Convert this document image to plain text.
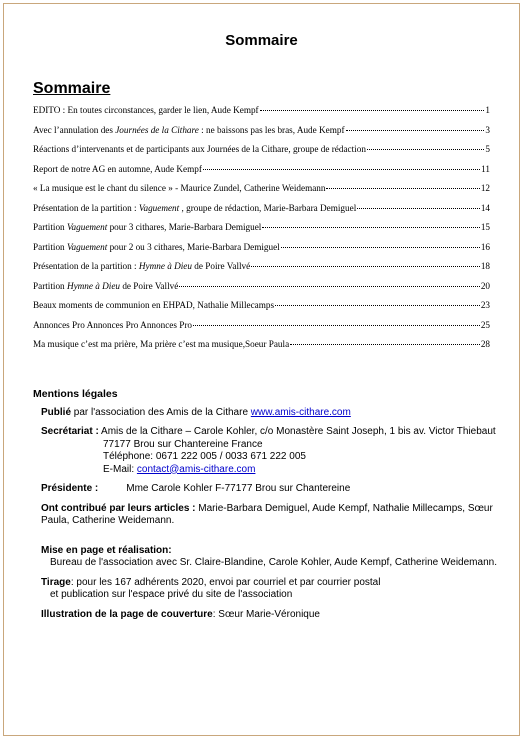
Sommaire
Sommaire
EDITO : En toutes circonstances, garder le lien, Aude Kempf	1
Avec l’annulation des Journées de la Cithare : ne baissons pas les bras, Aude Kempf	3
Réactions d’intervenants et de participants aux Journées de la Cithare, groupe de rédaction	5
Report de notre AG en automne, Aude Kempf	11
« La musique est le chant du silence » - Maurice Zundel, Catherine Weidemann	12
Présentation de la partition : Vaguement , groupe de rédaction, Marie-Barbara Demiguel	14
Partition Vaguement pour 3 cithares, Marie-Barbara Demiguel	15
Partition Vaguement pour 2 ou 3 cithares, Marie-Barbara Demiguel	16
Présentation de la partition : Hymne à Dieu de Poire Vallvé	18
Partition Hymne à Dieu de Poire Vallvé	20
Beaux moments de communion en EHPAD, Nathalie Millecamps	23
Annonces Pro Annonces Pro Annonces Pro	25
Ma musique c’est ma prière, Ma prière c’est ma musique,Soeur Paula	28
Mentions légales
Publié par l'association des Amis de la Cithare www.amis-cithare.com
Secrétariat : Amis de la Cithare – Carole Kohler, c/o Monastère Saint Joseph, 1 bis av. Victor Thiebaut
77177 Brou sur Chantereine France
Téléphone: 0671 222 005 / 0033 671 222 005
E-Mail: contact@amis-cithare.com
Présidente :	Mme Carole Kohler F-77177 Brou sur Chantereine
Ont contribué par leurs articles : Marie-Barbara Demiguel, Aude Kempf, Nathalie Millecamps, Sœur Paula, Catherine Weidemann.
Mise en page et réalisation:
Bureau de l'association avec Sr. Claire-Blandine, Carole Kohler, Aude Kempf, Catherine Weidemann.
Tirage: pour les 167 adhérents 2020, envoi par courriel et par courrier postal
et publication sur l'espace privé du site de l'association
Illustration de la page de couverture: Sœur Marie-Véronique
